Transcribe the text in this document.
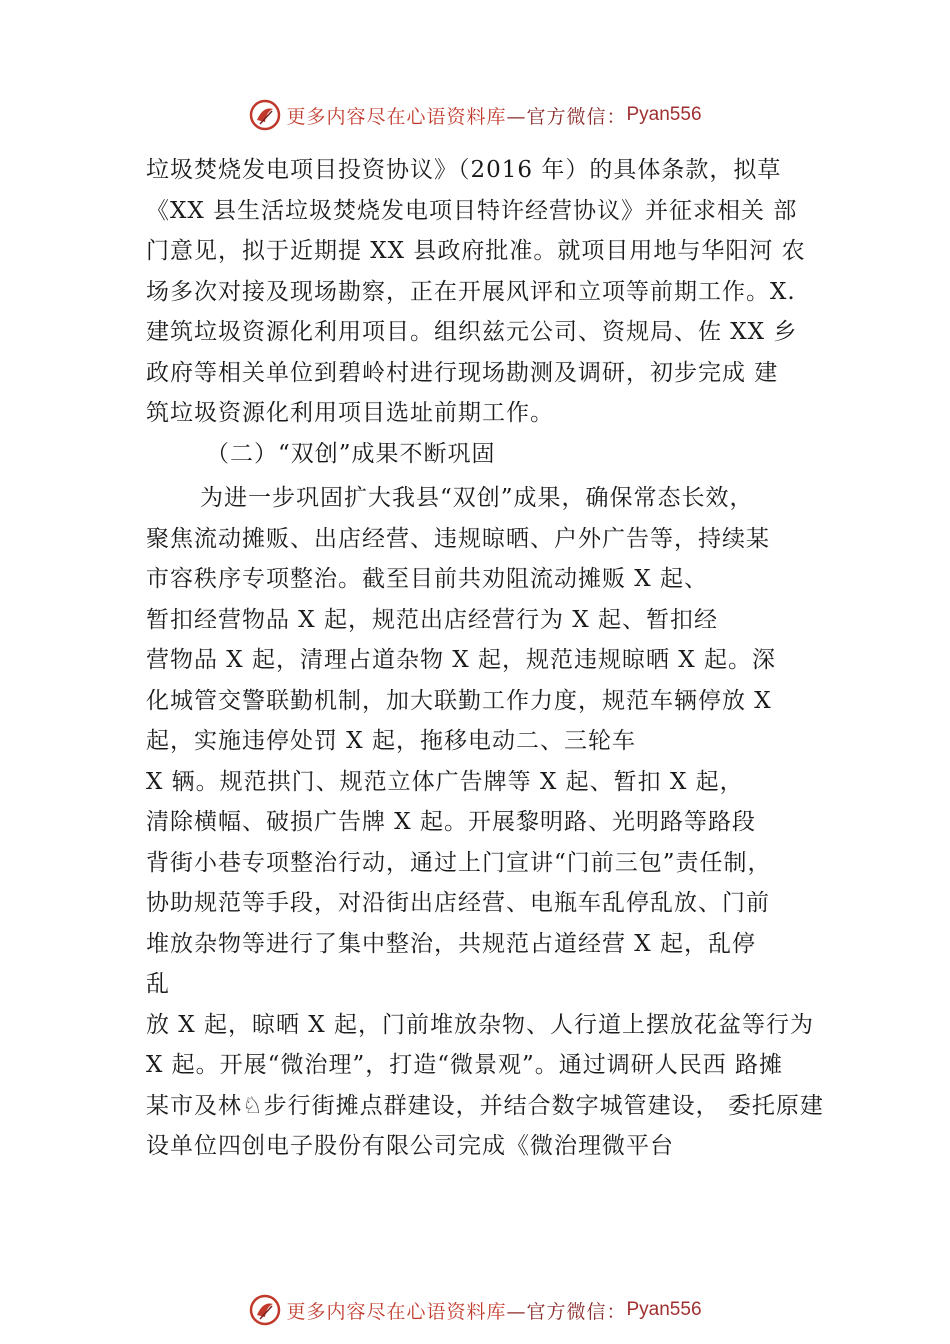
更多内容尽在心语资料库 —官方微信： Pyan556
垃圾焚烧发电项目投资协议》（2016 年）的具体条款，拟草
《XX 县生活垃圾焚烧发电项目特许经营协议》并征求相关 部
门意见，拟于近期提 XX 县政府批准。就项目用地与华阳河 农
场多次对接及现场勘察，正在开展风评和立项等前期工作。X.
建筑垃圾资源化利用项目。组织兹元公司、资规局、佐 XX 乡
政府等相关单位到碧岭村进行现场勘测及调研，初步完成 建
筑垃圾资源化利用项目选址前期工作。
（二）“双创”成果不断巩固
为进一步巩固扩大我县“双创”成果，确保常态长效，
聚焦流动摊贩、出店经营、违规晾晒、户外广告等，持续某
市容秩序专项整治。截至目前共劝阻流动摊贩 X 起、
暂扣经营物品 X 起，规范出店经营行为 X 起、暂扣经
营物品 X 起，清理占道杂物 X 起，规范违规晾晒 X 起。深
化城管交警联勤机制，加大联勤工作力度，规范车辆停放 X
起，实施违停处罚 X 起，拖移电动二、三轮车
X 辆。规范拱门、规范立体广告牌等 X 起、暂扣 X 起，
清除横幅、破损广告牌 X 起。开展黎明路、光明路等路段
背街小巷专项整治行动，通过上门宣讲“门前三包”责任制，
协助规范等手段，对沿街出店经营、电瓶车乱停乱放、门前
堆放杂物等进行了集中整治，共规范占道经营 X 起，乱停
乱
放 X 起，晾晒 X 起，门前堆放杂物、人行道上摆放花盆等行为
X 起。开展“微治理”，打造“微景观”。通过调研人民西 路摊
某市及林♘步行街摊点群建设，并结合数字城管建设， 委托原建
设单位四创电子股份有限公司完成《微治理微平台
更多内容尽在心语资料库 —官方微信： Pyan556
